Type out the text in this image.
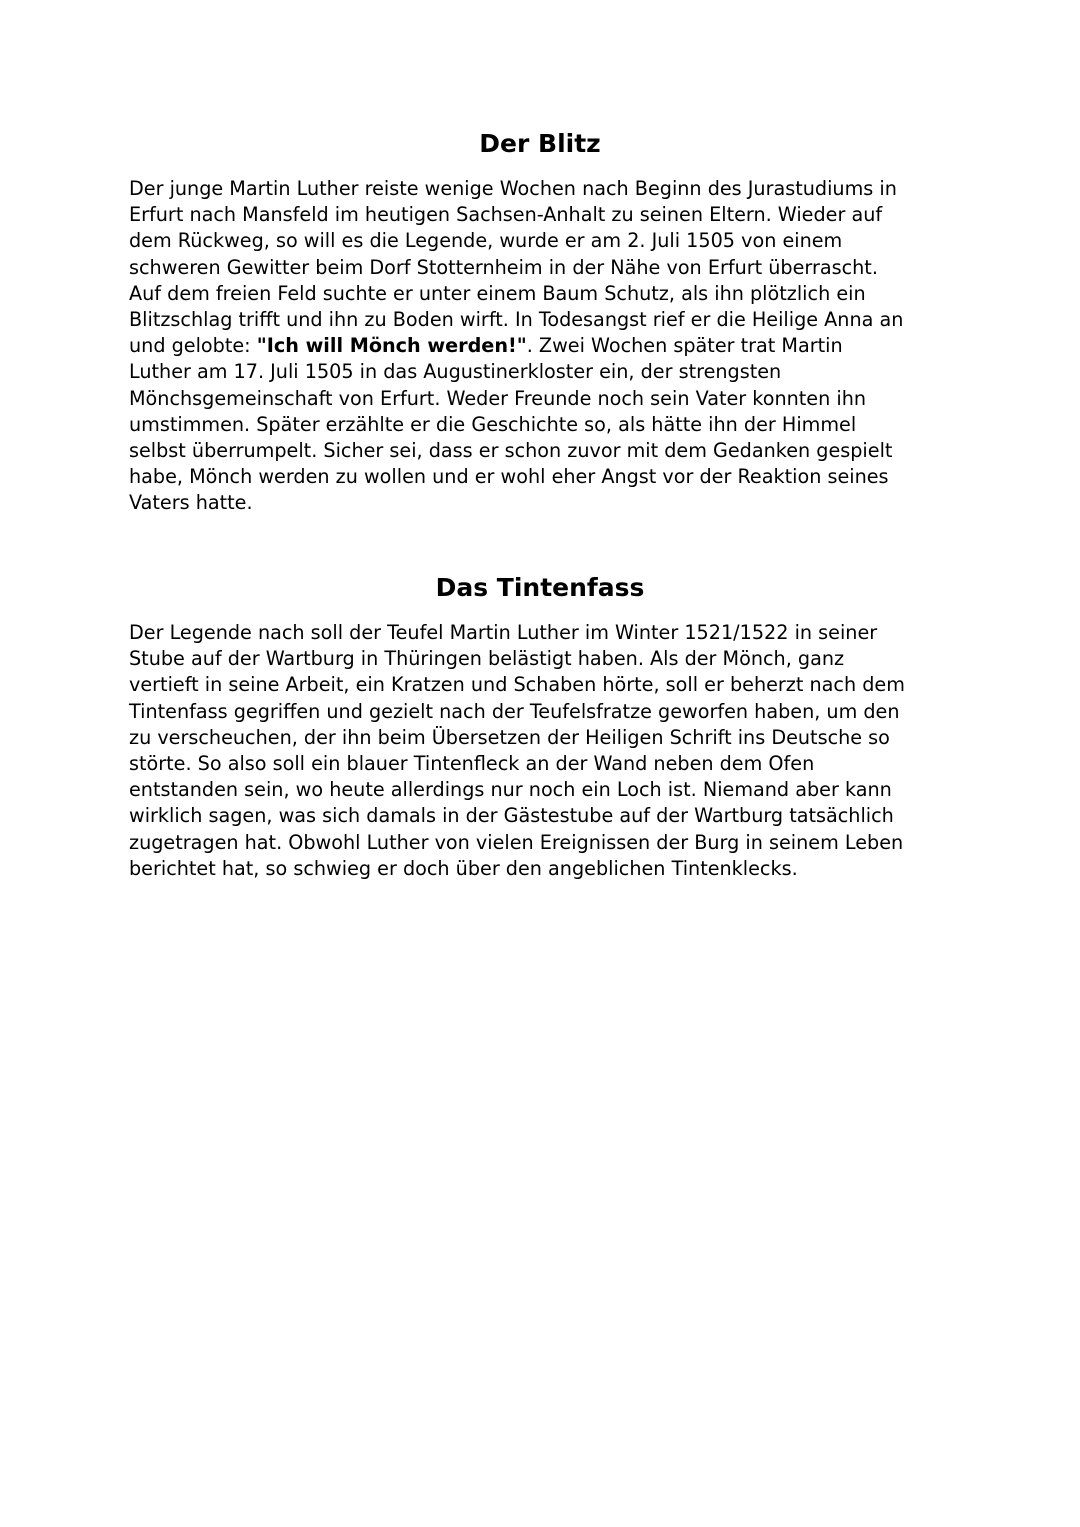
Der Blitz

Der junge Martin Luther reiste wenige Wochen nach Beginn des Jurastudiums in
Erfurt nach Mansfeld im heutigen Sachsen-Anhalt zu seinen Eltern. Wieder auf
dem Rückweg, so will es die Legende, wurde er am 2. Juli 1505 von einem
schweren Gewitter beim Dorf Stotternheim in der Nähe von Erfurt überrascht.
Auf dem freien Feld suchte er unter einem Baum Schutz, als ihn plötzlich ein
Blitzschlag trifft und ihn zu Boden wirft. In Todesangst rief er die Heilige Anna an
und gelobte: "Ich will Mönch werden!". Zwei Wochen später trat Martin
Luther am 17. Juli 1505 in das Augustinerkloster ein, der strengsten
Mönchsgemeinschaft von Erfurt. Weder Freunde noch sein Vater konnten ihn
umstimmen. Später erzählte er die Geschichte so, als hätte ihn der Himmel
selbst überrumpelt. Sicher sei, dass er schon zuvor mit dem Gedanken gespielt
habe, Mönch werden zu wollen und er wohl eher Angst vor der Reaktion seines
Vaters hatte.

Das Tintenfass

Der Legende nach soll der Teufel Martin Luther im Winter 1521/1522 in seiner
Stube auf der Wartburg in Thüringen belästigt haben. Als der Mönch, ganz
vertieft in seine Arbeit, ein Kratzen und Schaben hörte, soll er beherzt nach dem
Tintenfass gegriffen und gezielt nach der Teufelsfratze geworfen haben, um den
zu verscheuchen, der ihn beim Übersetzen der Heiligen Schrift ins Deutsche so
störte. So also soll ein blauer Tintenfleck an der Wand neben dem Ofen
entstanden sein, wo heute allerdings nur noch ein Loch ist. Niemand aber kann
wirklich sagen, was sich damals in der Gästestube auf der Wartburg tatsächlich
zugetragen hat. Obwohl Luther von vielen Ereignissen der Burg in seinem Leben
berichtet hat, so schwieg er doch über den angeblichen Tintenklecks.
